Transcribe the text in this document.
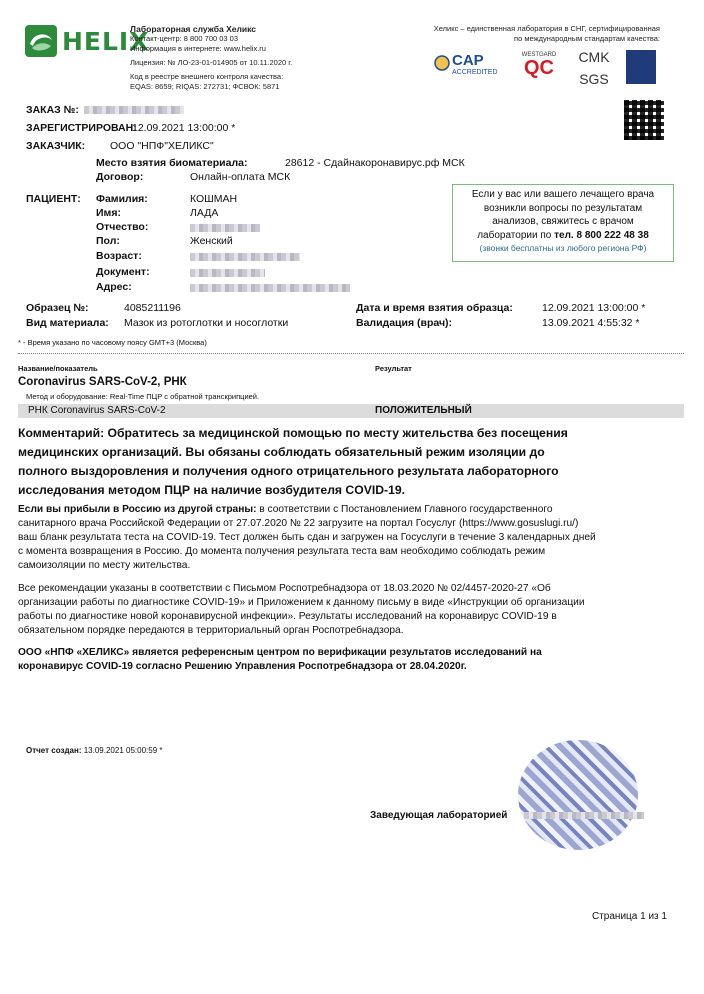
HELIX
Лабораторная служба Хеликс
Контакт-центр: 8 800 700 03 03
Информация в интернете: www.helix.ru
Лицензия: № ЛО-23-01-014905 от 10.11.2020 г.
Код в реестре внешнего контроля качества:
EQAS: 8659; RIQAS: 272731; ФСВОК: 5871
Хеликс – единственная лаборатория в СНГ, сертифицированная
по международным стандартам качества:
CAP
ACCREDITED
WESTGARD
QC	CMK
SGS
ЗАКАЗ №:
ЗАРЕГИСТРИРОВАН:
12.09.2021 13:00:00 *
ЗАКАЗЧИК: ООО "НПФ"ХЕЛИКС"
Место взятия биоматериала:	28612 - Сдайнакоронавирус.рф МСК
Договор:	Онлайн-оплата МСК
ПАЦИЕНТ: Фамилия:	КОШМАН
Имя:	ЛАДА
Отчество:
Пол:	Женский
Возраст:
Документ:
Адрес:
Если у вас или вашего лечащего врача
возникли вопросы по результатам
анализов, свяжитесь с врачом
лаборатории по тел. 8 800 222 48 38
(звонки бесплатны из любого региона РФ)
Образец №:	4085211196
Вид материала: Мазок из ротоглотки и носоглотки
Дата и время взятия образца:	12.09.2021 13:00:00 *
Валидация (врач):	13.09.2021 4:55:32 *
* - Время указано по часовому поясу GMT+3 (Москва)
Название/показатель	Результат
Coronavirus SARS-CoV-2, РНК
Метод и оборудование: Real-Time ПЦР с обратной транскрипцией.
РНК Coronavirus SARS-CoV-2	ПОЛОЖИТЕЛЬНЫЙ
Комментарий: Обратитесь за медицинской помощью по месту жительства без посещения
медицинских организаций. Вы обязаны соблюдать обязательный режим изоляции до
полного выздоровления и получения одного отрицательного результата лабораторного
исследования методом ПЦР на наличие возбудителя COVID-19.
Если вы прибыли в Россию из другой страны: в соответствии с Постановлением Главного государственного
санитарного врача Российской Федерации от 27.07.2020 № 22 загрузите на портал Госуслуг (https://www.gosuslugi.ru/)
ваш бланк результата теста на COVID-19. Тест должен быть сдан и загружен на Госуслуги в течение 3 календарных дней
с момента возвращения в Россию. До момента получения результата теста вам необходимо соблюдать режим
самоизоляции по месту жительства.
Все рекомендации указаны в соответствии с Письмом Роспотребнадзора от 18.03.2020 № 02/4457-2020-27 «Об
организации работы по диагностике COVID-19» и Приложением к данному письму в виде «Инструкции об организации
работы по диагностике новой коронавирусной инфекции». Результаты исследований на коронавирус COVID-19 в
обязательном порядке передаются в территориальный орган Роспотребнадзора.
ООО «НПФ «ХЕЛИКС» является референсным центром по верификации результатов исследований на
коронавирус COVID-19 согласно Решению Управления Роспотребнадзора от 28.04.2020г.
Отчет создан: 13.09.2021 05:00:59 *
Заведующая лабораторией
Страница 1 из 1
